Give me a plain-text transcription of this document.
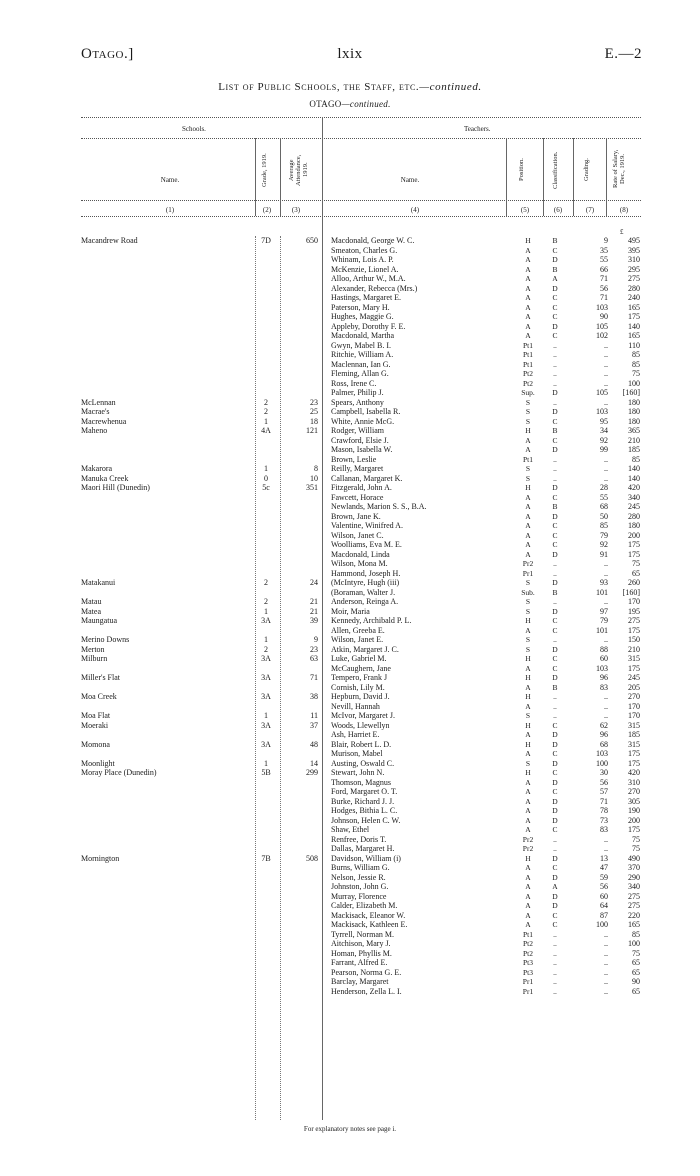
Otago.]	lxix	E.—2
List of Public Schools, the Staff, etc.—continued.
OTAGO—continued.
Schools.	Teachers.
Name.	Grade, 1919.	Average Attendance, 1919.
Name.	Position.	Classification.	Grading.	Rate of Salary, Dec., 1919.
(1)	(2)	(3)	(4)	(5)	(6)	(7)	(8)
£
Macandrew Road	7D	650 Macdonald, George W. C.	H	B	9	495
Smeaton, Charles G.	A	C	35	395
Whinam, Lois A. P.	A	D	55	310
McKenzie, Lionel A.	A	B	66	295
Alloo, Arthur W., M.A.	A	A	71	275
Alexander, Rebecca (Mrs.)	A	D	56	280
Hastings, Margaret E.	A	C	71	240
Paterson, Mary H.	A	C	103	165
Hughes, Maggie G.	A	C	90	175
Appleby, Dorothy F. E.	A	D	105	140
Macdonald, Martha	A	C	102	165
Gwyn, Mabel B. I.	Pt1	..	..	110
Ritchie, William A.	Pt1	..	..	85
Maclennan, Ian G.	Pt1	..	..	85
Fleming, Allan G.	Pt2	..	..	75
Ross, Irene C.	Pt2	..	..	100
Palmer, Philip J.	Sup.	D	105	[160]
McLennan	2	23 Spears, Anthony	S	..	..	180
Macrae's	2	25 Campbell, Isabella R.	S	D	103	180
Macrewhenua	1	18 White, Annie McG.	S	C	95	180
Maheno	4A	121 Rodger, William	H	B	34	365
Crawford, Elsie J.	A	C	92	210
Mason, Isabella W.	A	D	99	185
Brown, Leslie	Pt1	..	..	85
Makarora	1	8 Reilly, Margaret	S	..	..	140
Manuka Creek	0	10 Callanan, Margaret K.	S	..	..	140
Maori Hill (Dunedin)	5c	351 Fitzgerald, John A.	H	D	28	420
Fawcett, Horace	A	C	55	340
Newlands, Marion S. S., B.A.	A	B	68	245
Brown, Jane K.	A	D	50	280
Valentine, Winifred A.	A	C	85	180
Wilson, Janet C.	A	C	79	200
Woolliams, Eva M. E.	A	C	92	175
Macdonald, Linda	A	D	91	175
Wilson, Mona M.	Pr2	..	..	75
Hammond, Joseph H.	Pr1	..	..	65
Matakanui	2	24 (McIntyre, Hugh (iii)	S	D	93	260
(Boraman, Walter J.	Sub.	B	101	[160]
Matau	2	21 Anderson, Reinga A.	S	..	..	170
Matea	1	21 Moir, Maria	S	D	97	195
Maungatua	3A	39 Kennedy, Archibald P. L.	H	C	79	275
Allen, Greeba E.	A	C	101	175
Merino Downs	1	9 Wilson, Janet E.	S	..	..	150
Merton	2	23 Atkin, Margaret J. C.	S	D	88	210
Milburn	3A	63 Luke, Gabriel M.	H	C	60	315
McCaughern, Jane	A	C	103	175
Miller's Flat	3A	71 Tempero, Frank J	H	D	96	245
Cornish, Lily M.	A	B	83	205
Moa Creek	3A	38 Hepburn, David J.	H	..	..	270
Nevill, Hannah	A	..	..	170
Moa Flat	1	11 McIvor, Margaret J.	S	..	..	170
Moeraki	3A	37 Woods, Llewellyn	H	C	62	315
Ash, Harriet E.	A	D	96	185
Momona	3A	48 Blair, Robert L. D.	H	D	68	315
Murison, Mabel	A	C	103	175
Moonlight	1	14 Austing, Oswald C.	S	D	100	175
Moray Place (Dunedin)	5B	299 Stewart, John N.	H	C	30	420
Thomson, Magnus	A	D	56	310
Ford, Margaret O. T.	A	C	57	270
Burke, Richard J. J.	A	D	71	305
Hodges, Bithia L. C.	A	D	78	190
Johnson, Helen C. W.	A	D	73	200
Shaw, Ethel	A	C	83	175
Renfree, Doris T.	Pr2	..	..	75
Dallas, Margaret H.	Pr2	..	..	75
Mornington	7B	508 Davidson, William (i)	H	D	13	490
Burns, William G.	A	C	47	370
Nelson, Jessie R.	A	D	59	290
Johnston, John G.	A	A	56	340
Murray, Florence	A	D	60	275
Calder, Elizabeth M.	A	D	64	275
Mackisack, Eleanor W.	A	C	87	220
Mackisack, Kathleen E.	A	C	100	165
Tyrrell, Norman M.	Pt1	..	..	85
Aitchison, Mary J.	Pt2	..	..	100
Homan, Phyllis M.	Pt2	..	..	75
Farrant, Alfred E.	Pt3	..	..	65
Pearson, Norma G. E.	Pt3	..	..	65
Barclay, Margaret	Pr1	..	..	90
Henderson, Zella L. I.	Pr1	..	..	65
For explanatory notes see page i.
